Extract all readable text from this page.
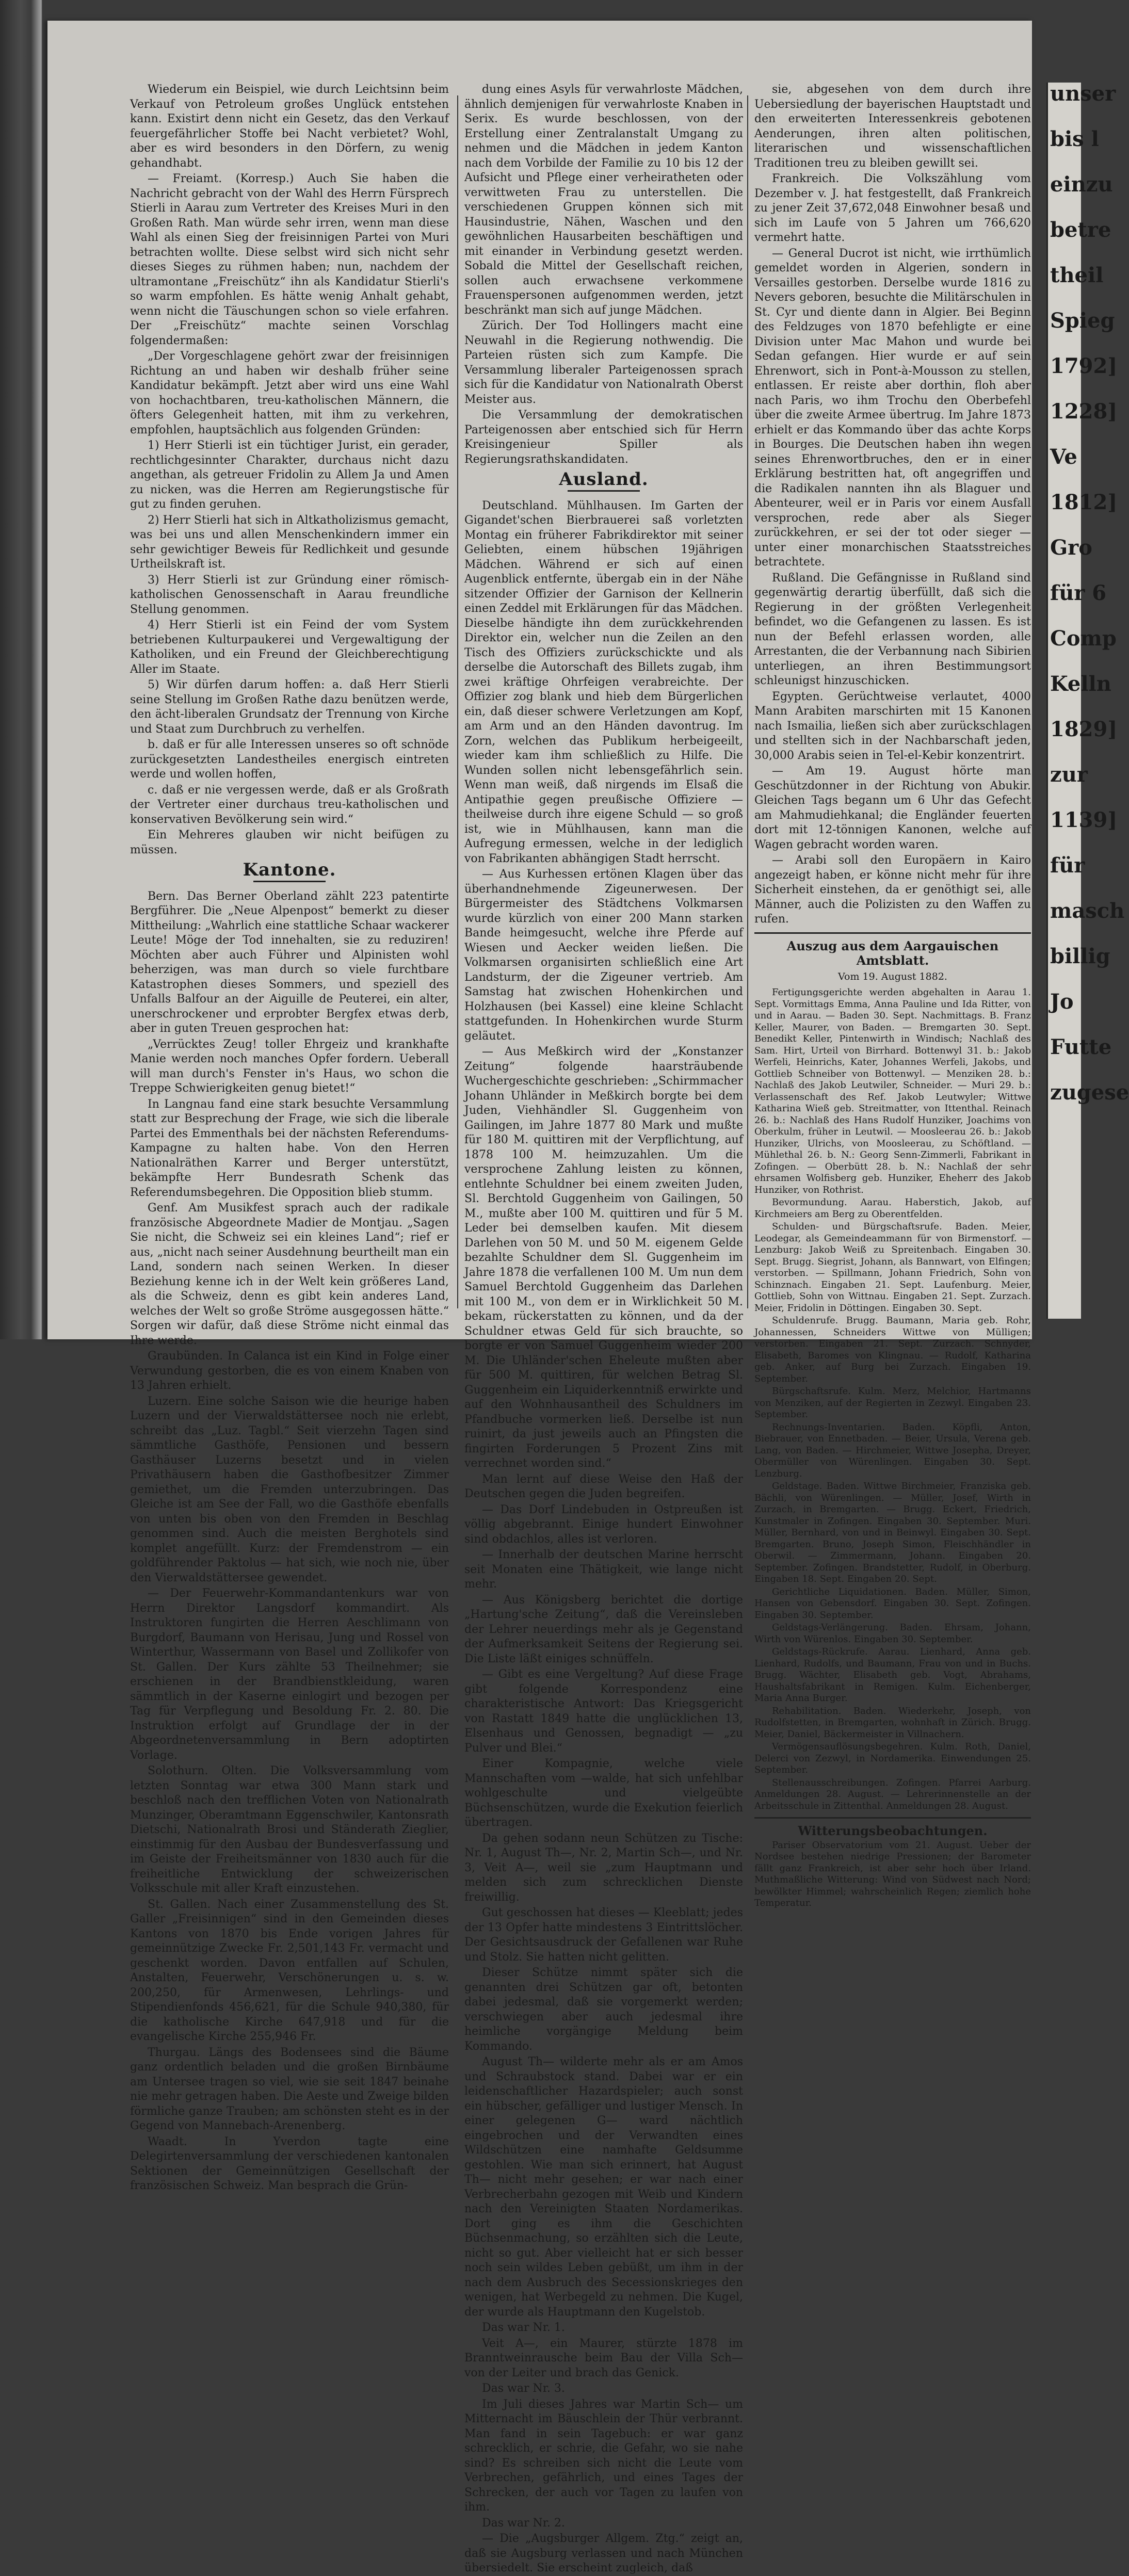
Wiederum ein Beispiel, wie durch Leichtsinn beim Verkauf von Petroleum großes Unglück entstehen kann. Existirt denn nicht ein Gesetz, das den Verkauf feuergefährlicher Stoffe bei Nacht verbietet? Wohl, aber es wird besonders in den Dörfern, zu wenig gehandhabt.

— Freiamt. (Korresp.) Auch Sie haben die Nachricht gebracht von der Wahl des Herrn Fürsprech Stierli in Aarau zum Vertreter des Kreises Muri in den Großen Rath. Man würde sehr irren, wenn man diese Wahl als einen Sieg der freisinnigen Partei von Muri betrachten wollte. Diese selbst wird sich nicht sehr dieses Sieges zu rühmen haben; nun, nachdem der ultramontane „Freischütz“ ihn als Kandidatur Stierli's so warm empfohlen. Es hätte wenig Anhalt gehabt, wenn nicht die Täuschungen schon so viele erfahren. Der „Freischütz“ machte seinen Vorschlag folgendermaßen:

„Der Vorgeschlagene gehört zwar der freisinnigen Richtung an und haben wir deshalb früher seine Kandidatur bekämpft. Jetzt aber wird uns eine Wahl von hochachtbaren, treu-katholischen Männern, die öfters Gelegenheit hatten, mit ihm zu verkehren, empfohlen, hauptsächlich aus folgenden Gründen:

1) Herr Stierli ist ein tüchtiger Jurist, ein gerader, rechtlichgesinnter Charakter, durchaus nicht dazu angethan, als getreuer Fridolin zu Allem Ja und Amen zu nicken, was die Herren am Regierungstische für gut zu finden geruhen.

2) Herr Stierli hat sich in Altkatholizismus gemacht, was bei uns und allen Menschenkindern immer ein sehr gewichtiger Beweis für Redlichkeit und gesunde Urtheilskraft ist.

3) Herr Stierli ist zur Gründung einer römisch-katholischen Genossenschaft in Aarau freundliche Stellung genommen.

4) Herr Stierli ist ein Feind der vom System betriebenen Kulturpaukerei und Vergewaltigung der Katholiken, und ein Freund der Gleichberechtigung Aller im Staate.

5) Wir dürfen darum hoffen: a. daß Herr Stierli seine Stellung im Großen Rathe dazu benützen werde, den ächt-liberalen Grundsatz der Trennung von Kirche und Staat zum Durchbruch zu verhelfen.

b. daß er für alle Interessen unseres so oft schnöde zurückgesetzten Landestheiles energisch eintreten werde und wollen hoffen,

c. daß er nie vergessen werde, daß er als Großrath der Vertreter einer durchaus treu-katholischen und konservativen Bevölkerung sein wird.“

Ein Mehreres glauben wir nicht beifügen zu müssen.

Kantone.

Bern. Das Berner Oberland zählt 223 patentirte Bergführer. Die „Neue Alpenpost“ bemerkt zu dieser Mittheilung: „Wahrlich eine stattliche Schaar wackerer Leute! Möge der Tod innehalten, sie zu reduziren! Möchten aber auch Führer und Alpinisten wohl beherzigen, was man durch so viele furchtbare Katastrophen dieses Sommers, und speziell des Unfalls Balfour an der Aiguille de Peuterei, ein alter, unerschrockener und erprobter Bergfex etwas derb, aber in guten Treuen gesprochen hat:

„Verrücktes Zeug! toller Ehrgeiz und krankhafte Manie werden noch manches Opfer fordern. Ueberall will man durch's Fenster in's Haus, wo schon die Treppe Schwierigkeiten genug bietet!“

In Langnau fand eine stark besuchte Versammlung statt zur Besprechung der Frage, wie sich die liberale Partei des Emmenthals bei der nächsten Referendums-Kampagne zu halten habe. Von den Herren Nationalräthen Karrer und Berger unterstützt, bekämpfte Herr Bundesrath Schenk das Referendumsbegehren. Die Opposition blieb stumm.

Genf. Am Musikfest sprach auch der radikale französische Abgeordnete Madier de Montjau. „Sagen Sie nicht, die Schweiz sei ein kleines Land“; rief er aus, „nicht nach seiner Ausdehnung beurtheilt man ein Land, sondern nach seinen Werken. In dieser Beziehung kenne ich in der Welt kein größeres Land, als die Schweiz, denn es gibt kein anderes Land, welches der Welt so große Ströme ausgegossen hätte.“ Sorgen wir dafür, daß diese Ströme nicht einmal das Ihre werde.

Graubünden. In Calanca ist ein Kind in Folge einer Verwundung gestorben, die es von einem Knaben von 13 Jahren erhielt.

Luzern. Eine solche Saison wie die heurige haben Luzern und der Vierwaldstättersee noch nie erlebt, schreibt das „Luz. Tagbl.“ Seit vierzehn Tagen sind sämmtliche Gasthöfe, Pensionen und bessern Gasthäuser Luzerns besetzt und in vielen Privathäusern haben die Gasthofbesitzer Zimmer gemiethet, um die Fremden unterzubringen. Das Gleiche ist am See der Fall, wo die Gasthöfe ebenfalls von unten bis oben von den Fremden in Beschlag genommen sind. Auch die meisten Berghotels sind komplet angefüllt. Kurz: der Fremdenstrom — ein goldführender Paktolus — hat sich, wie noch nie, über den Vierwaldstättersee gewendet.

— Der Feuerwehr-Kommandantenkurs war von Herrn Direktor Langsdorf kommandirt. Als Instruktoren fungirten die Herren Aeschlimann von Burgdorf, Baumann von Herisau, Jung und Rossel von Winterthur, Wassermann von Basel und Zollikofer von St. Gallen. Der Kurs zählte 53 Theilnehmer; sie erschienen in der Brandbienstkleidung, waren sämmtlich in der Kaserne einlogirt und bezogen per Tag für Verpflegung und Besoldung Fr. 2. 80. Die Instruktion erfolgt auf Grundlage der in der Abgeordnetenversammlung in Bern adoptirten Vorlage.

Solothurn. Olten. Die Volksversammlung vom letzten Sonntag war etwa 300 Mann stark und beschloß nach den trefflichen Voten von Nationalrath Munzinger, Oberamtmann Eggenschwiler, Kantonsrath Dietschi, Nationalrath Brosi und Ständerath Zieglier, einstimmig für den Ausbau der Bundesverfassung und im Geiste der Freiheitsmänner von 1830 auch für die freiheitliche Entwicklung der schweizerischen Volksschule mit aller Kraft einzustehen.

St. Gallen. Nach einer Zusammenstellung des St. Galler „Freisinnigen“ sind in den Gemeinden dieses Kantons von 1870 bis Ende vorigen Jahres für gemeinnützige Zwecke Fr. 2,501,143 Fr. vermacht und geschenkt worden. Davon entfallen auf Schulen, Anstalten, Feuerwehr, Verschönerungen u. s. w. 200,250, für Armenwesen, Lehrlings- und Stipendienfonds 456,621, für die Schule 940,380, für die katholische Kirche 647,918 und für die evangelische Kirche 255,946 Fr.

Thurgau. Längs des Bodensees sind die Bäume ganz ordentlich beladen und die großen Birnbäume am Untersee tragen so viel, wie sie seit 1847 beinahe nie mehr getragen haben. Die Aeste und Zweige bilden förmliche ganze Trauben; am schönsten steht es in der Gegend von Mannebach-Arenenberg.

Waadt. In Yverdon tagte eine Delegirtenversammlung der verschiedenen kantonalen Sektionen der Gemeinnützigen Gesellschaft der französischen Schweiz. Man besprach die Grün-

dung eines Asyls für verwahrloste Mädchen, ähnlich demjenigen für verwahrloste Knaben in Serix. Es wurde beschlossen, von der Erstellung einer Zentralanstalt Umgang zu nehmen und die Mädchen in jedem Kanton nach dem Vorbilde der Familie zu 10 bis 12 der Aufsicht und Pflege einer verheiratheten oder verwittweten Frau zu unterstellen. Die verschiedenen Gruppen können sich mit Hausindustrie, Nähen, Waschen und den gewöhnlichen Hausarbeiten beschäftigen und mit einander in Verbindung gesetzt werden. Sobald die Mittel der Gesellschaft reichen, sollen auch erwachsene verkommene Frauenspersonen aufgenommen werden, jetzt beschränkt man sich auf junge Mädchen.

Zürich. Der Tod Hollingers macht eine Neuwahl in die Regierung nothwendig. Die Parteien rüsten sich zum Kampfe. Die Versammlung liberaler Parteigenossen sprach sich für die Kandidatur von Nationalrath Oberst Meister aus.

Die Versammlung der demokratischen Parteigenossen aber entschied sich für Herrn Kreisingenieur Spiller als Regierungsrathskandidaten.

Ausland.

Deutschland. Mühlhausen. Im Garten der Gigandet'schen Bierbrauerei saß vorletzten Montag ein früherer Fabrikdirektor mit seiner Geliebten, einem hübschen 19jährigen Mädchen. Während er sich auf einen Augenblick entfernte, übergab ein in der Nähe sitzender Offizier der Garnison der Kellnerin einen Zeddel mit Erklärungen für das Mädchen. Dieselbe händigte ihn dem zurückkehrenden Direktor ein, welcher nun die Zeilen an den Tisch des Offiziers zurückschickte und als derselbe die Autorschaft des Billets zugab, ihm zwei kräftige Ohrfeigen verabreichte. Der Offizier zog blank und hieb dem Bürgerlichen ein, daß dieser schwere Verletzungen am Kopf, am Arm und an den Händen davontrug. Im Zorn, welchen das Publikum herbeigeeilt, wieder kam ihm schließlich zu Hilfe. Die Wunden sollen nicht lebensgefährlich sein. Wenn man weiß, daß nirgends im Elsaß die Antipathie gegen preußische Offiziere — theilweise durch ihre eigene Schuld — so groß ist, wie in Mühlhausen, kann man die Aufregung ermessen, welche in der lediglich von Fabrikanten abhängigen Stadt herrscht.

— Aus Kurhessen ertönen Klagen über das überhandnehmende Zigeunerwesen. Der Bürgermeister des Städtchens Volkmarsen wurde kürzlich von einer 200 Mann starken Bande heimgesucht, welche ihre Pferde auf Wiesen und Aecker weiden ließen. Die Volkmarsen organisirten schließlich eine Art Landsturm, der die Zigeuner vertrieb. Am Samstag hat zwischen Hohenkirchen und Holzhausen (bei Kassel) eine kleine Schlacht stattgefunden. In Hohenkirchen wurde Sturm geläutet.

— Aus Meßkirch wird der „Konstanzer Zeitung“ folgende haarsträubende Wuchergeschichte geschrieben: „Schirmmacher Johann Uhländer in Meßkirch borgte bei dem Juden, Viehhändler Sl. Guggenheim von Gailingen, im Jahre 1877 80 Mark und mußte für 180 M. quittiren mit der Verpflichtung, auf 1878 100 M. heimzuzahlen. Um die versprochene Zahlung leisten zu können, entlehnte Schuldner bei einem zweiten Juden, Sl. Berchtold Guggenheim von Gailingen, 50 M., mußte aber 100 M. quittiren und für 5 M. Leder bei demselben kaufen. Mit diesem Darlehen von 50 M. und 50 M. eigenem Gelde bezahlte Schuldner dem Sl. Guggenheim im Jahre 1878 die verfallenen 100 M. Um nun dem Samuel Berchtold Guggenheim das Darlehen mit 100 M., von dem er in Wirklichkeit 50 M. bekam, rückerstatten zu können, und da der Schuldner etwas Geld für sich brauchte, so borgte er von Samuel Guggenheim wieder 200 M. Die Uhländer'schen Eheleute mußten aber für 500 M. quittiren, für welchen Betrag Sl. Guggenheim ein Liquiderkenntniß erwirkte und auf den Wohnhausantheil des Schuldners im Pfandbuche vormerken ließ. Derselbe ist nun ruinirt, da just jeweils auch an Pfingsten die fingirten Forderungen 5 Prozent Zins mit verrechnet worden sind.“

Man lernt auf diese Weise den Haß der Deutschen gegen die Juden begreifen.

— Das Dorf Lindebuden in Ostpreußen ist völlig abgebrannt. Einige hundert Einwohner sind obdachlos, alles ist verloren.

— Innerhalb der deutschen Marine herrscht seit Monaten eine Thätigkeit, wie lange nicht mehr.

— Aus Königsberg berichtet die dortige „Hartung'sche Zeitung“, daß die Vereinsleben der Lehrer neuerdings mehr als je Gegenstand der Aufmerksamkeit Seitens der Regierung sei. Die Liste läßt einiges schnüffeln.

— Gibt es eine Vergeltung? Auf diese Frage gibt folgende Korrespondenz eine charakteristische Antwort: Das Kriegsgericht von Rastatt 1849 hatte die unglücklichen 13, Elsenhaus und Genossen, begnadigt — „zu Pulver und Blei.“

Einer Kompagnie, welche viele Mannschaften vom —walde, hat sich unfehlbar wohlgeschulte und vielgeübte Büchsenschützen, wurde die Exekution feierlich übertragen.

Da gehen sodann neun Schützen zu Tische: Nr. 1, August Th—, Nr. 2, Martin Sch—, und Nr. 3, Veit A—, weil sie „zum Hauptmann und melden sich zum schrecklichen Dienste freiwillig.

Gut geschossen hat dieses — Kleeblatt; jedes der 13 Opfer hatte mindestens 3 Eintrittslöcher. Der Gesichtsausdruck der Gefallenen war Ruhe und Stolz. Sie hatten nicht gelitten.

Dieser Schütze nimmt später sich die genannten drei Schützen gar oft, betonten dabei jedesmal, daß sie vorgemerkt werden; verschwiegen aber auch jedesmal ihre heimliche vorgängige Meldung beim Kommando.

August Th— wilderte mehr als er am Amos und Schraubstock stand. Dabei war er ein leidenschaftlicher Hazardspieler; auch sonst ein hübscher, gefälliger und lustiger Mensch. In einer gelegenen G— ward nächtlich eingebrochen und der Verwandten eines Wildschützen eine namhafte Geldsumme gestohlen. Wie man sich erinnert, hat August Th— nicht mehr gesehen; er war nach einer Verbrecherbahn gezogen mit Weib und Kindern nach den Vereinigten Staaten Nordamerikas. Dort ging es ihm die Geschichten Büchsenmachung, so erzählten sich die Leute, nicht so gut. Aber vielleicht hat er sich besser noch sein wildes Leben gebüßt, um ihm in der nach dem Ausbruch des Secessionskrieges den wenigen, hat Werbegeld zu nehmen. Die Kugel, der wurde als Hauptmann den Kugelstob.

Das war Nr. 1.

Veit A—, ein Maurer, stürzte 1878 im Branntweinrausche beim Bau der Villa Sch— von der Leiter und brach das Genick.

Das war Nr. 3.

Im Juli dieses Jahres war Martin Sch— um Mitternacht im Bäuschlein der Thür verbrannt. Man fand in sein Tagebuch: er war ganz schrecklich, er schrie, die Gefahr, wo sie nahe sind? Es schreiben sich nicht die Leute vom Verbrechen, gefährlich, und eines Tages der Schrecken, der auch vor Tagen zu laufen von ihm.

Das war Nr. 2.

— Die „Augsburger Allgem. Ztg.“ zeigt an, daß sie Augsburg verlassen und nach München übersiedelt. Sie erscheint zugleich, daß

sie, abgesehen von dem durch ihre Uebersiedlung der bayerischen Hauptstadt und den erweiterten Interessenkreis gebotenen Aenderungen, ihren alten politischen, literarischen und wissenschaftlichen Traditionen treu zu bleiben gewillt sei.

Frankreich. Die Volkszählung vom Dezember v. J. hat festgestellt, daß Frankreich zu jener Zeit 37,672,048 Einwohner besaß und sich im Laufe von 5 Jahren um 766,620 vermehrt hatte.

— General Ducrot ist nicht, wie irrthümlich gemeldet worden in Algerien, sondern in Versailles gestorben. Derselbe wurde 1816 zu Nevers geboren, besuchte die Militärschulen in St. Cyr und diente dann in Algier. Bei Beginn des Feldzuges von 1870 befehligte er eine Division unter Mac Mahon und wurde bei Sedan gefangen. Hier wurde er auf sein Ehrenwort, sich in Pont-à-Mousson zu stellen, entlassen. Er reiste aber dorthin, floh aber nach Paris, wo ihm Trochu den Oberbefehl über die zweite Armee übertrug. Im Jahre 1873 erhielt er das Kommando über das achte Korps in Bourges. Die Deutschen haben ihn wegen seines Ehrenwortbruches, den er in einer Erklärung bestritten hat, oft angegriffen und die Radikalen nannten ihn als Blaguer und Abenteurer, weil er in Paris vor einem Ausfall versprochen, rede aber als Sieger zurückkehren, er sei der tot oder sieger — unter einer monarchischen Staatsstreiches betrachtete.

Rußland. Die Gefängnisse in Rußland sind gegenwärtig derartig überfüllt, daß sich die Regierung in der größten Verlegenheit befindet, wo die Gefangenen zu lassen. Es ist nun der Befehl erlassen worden, alle Arrestanten, die der Verbannung nach Sibirien unterliegen, an ihren Bestimmungsort schleunigst hinzuschicken.

Egypten. Gerüchtweise verlautet, 4000 Mann Arabiten marschirten mit 15 Kanonen nach Ismailia, ließen sich aber zurückschlagen und stellten sich in der Nachbarschaft jeden, 30,000 Arabis seien in Tel-el-Kebir konzentrirt.

— Am 19. August hörte man Geschützdonner in der Richtung von Abukir. Gleichen Tags begann um 6 Uhr das Gefecht am Mahmudiehkanal; die Engländer feuerten dort mit 12-tönnigen Kanonen, welche auf Wagen gebracht worden waren.

— Arabi soll den Europäern in Kairo angezeigt haben, er könne nicht mehr für ihre Sicherheit einstehen, da er genöthigt sei, alle Männer, auch die Polizisten zu den Waffen zu rufen.

Auszug aus dem Aargauischen Amtsblatt.
Vom 19. August 1882.

Fertigungsgerichte werden abgehalten in Aarau 1. Sept. Vormittags Emma, Anna Pauline und Ida Ritter, von und in Aarau. — Baden 30. Sept. Nachmittags. B. Franz Keller, Maurer, von Baden. — Bremgarten 30. Sept. Benedikt Keller, Pintenwirth in Windisch; Nachlaß des Sam. Hirt, Urteil von Birrhard. Bottenwyl 31. b.: Jakob Werfeli, Heinrichs, Kater, Johannes Werfeli, Jakobs, und Gottlieb Schneiber von Bottenwyl. — Menziken 28. b.: Nachlaß des Jakob Leutwiler, Schneider. — Muri 29. b.: Verlassenschaft des Ref. Jakob Leutwyler; Wittwe Katharina Wieß geb. Streitmatter, von Ittenthal. Reinach 26. b.: Nachlaß des Hans Rudolf Hunziker, Joachims von Oberkulm, früher in Leutwil. — Moosleerau 26. b.: Jakob Hunziker, Ulrichs, von Moosleerau, zu Schöftland. — Mühlethal 26. b. N.: Georg Senn-Zimmerli, Fabrikant in Zofingen. — Oberbütt 28. b. N.: Nachlaß der sehr ehrsamen Wolfisberg geb. Hunziker, Eheherr des Jakob Hunziker, von Rothrist.

Bevormundung. Aarau. Haberstich, Jakob, auf Kirchmeiers am Berg zu Oberentfelden.

Schulden- und Bürgschaftsrufe. Baden. Meier, Leodegar, als Gemeindeammann für von Birmenstorf. — Lenzburg: Jakob Weiß zu Spreitenbach. Eingaben 30. Sept. Brugg. Siegrist, Johann, als Bannwart, von Elfingen; verstorben. — Spillmann, Johann Friedrich, Sohn von Schinznach. Eingaben 21. Sept. Laufenburg. Meier, Gottlieb, Sohn von Wittnau. Eingaben 21. Sept. Zurzach. Meier, Fridolin in Döttingen. Eingaben 30. Sept.

Schuldenrufe. Brugg. Baumann, Maria geb. Rohr, Johannessen, Schneiders Wittwe von Mülligen; verstorben. Eingaben 21. Sept. Zurzach. Schnyder, Elisabeth, Baromes von Klingnau. — Rudolf, Katharina geb. Anker, auf Burg bei Zurzach. Eingaben 19. September.

Bürgschaftsrufe. Kulm. Merz, Melchior, Hartmanns von Menziken, auf der Regierten in Zezwyl. Eingaben 23. September.

Rechnungs-Inventarien. Baden. Köpfli, Anton, Biebrauer, von Ennetbaden. — Beier, Ursula, Verena geb. Lang, von Baden. — Hirchmeier, Wittwe Josepha, Dreyer, Obermüller von Würenlingen. Eingaben 30. Sept. Lenzburg.

Geldstage. Baden. Wittwe Birchmeier, Franziska geb. Bächli, von Würenlingen. — Müller, Josef, Wirth in Zurzach, in Bremgarten. — Brugg. Eckert, Friedrich, Kunstmaler in Zofingen. Eingaben 30. September. Muri. Müller, Bernhard, von und in Beinwyl. Eingaben 30. Sept. Bremgarten. Bruno, Joseph Simon, Fleischhändler in Oberwil. — Zimmermann, Johann. Eingaben 20. September. Zofingen. Brandstetter, Rudolf, in Oberburg. Eingaben 18. Sept. Eingaben 20. Sept.

Gerichtliche Liquidationen. Baden. Müller, Simon, Hansen von Gebensdorf. Eingaben 30. Sept. Zofingen. Eingaben 30. September.

Geldstags-Verlängerung. Baden. Ehrsam, Johann, Wirth von Würenlos. Eingaben 30. September.

Geldstags-Rückrufe. Aarau. Lienhard, Anna geb. Lienhard, Rudolfs, und Baumann, Frau von und in Buchs. Brugg. Wächter, Elisabeth geb. Vogt, Abrahams, Haushaltsfabrikant in Remigen. Kulm. Eichenberger, Maria Anna Burger.

Rehabilitation. Baden. Wiederkehr, Joseph, von Rudolfstetten, in Bremgarten, wohnhaft in Zürich. Brugg. Meier, Daniel, Bäckermeister in Villnachern.

Vermögensauflösungsbegehren. Kulm. Roth, Daniel, Delerci von Zezwyl, in Nordamerika. Einwendungen 25. September.

Stellenausschreibungen. Zofingen. Pfarrei Aarburg. Anmeldungen 28. August. — Lehrerinnenstelle an der Arbeitsschule in Zittenthal. Anmeldungen 28. August.

Witterungsbeobachtungen.

Pariser Observatorium vom 21. August. Ueber der Nordsee bestehen niedrige Pressionen; der Barometer fällt ganz Frankreich, ist aber sehr hoch über Irland. Muthmaßliche Witterung: Wind von Südwest nach Nord; bewölkter Himmel; wahrscheinlich Regen; ziemlich hohe Temperatur.

unser
bis l
einzu
betre
theil
Spieg
1792]
1228]
Ve
1812]
Gro
für 6
Comp
Kelln
1829]
zur
1139]
für
masch
billig
Jo
Futte
zugese
